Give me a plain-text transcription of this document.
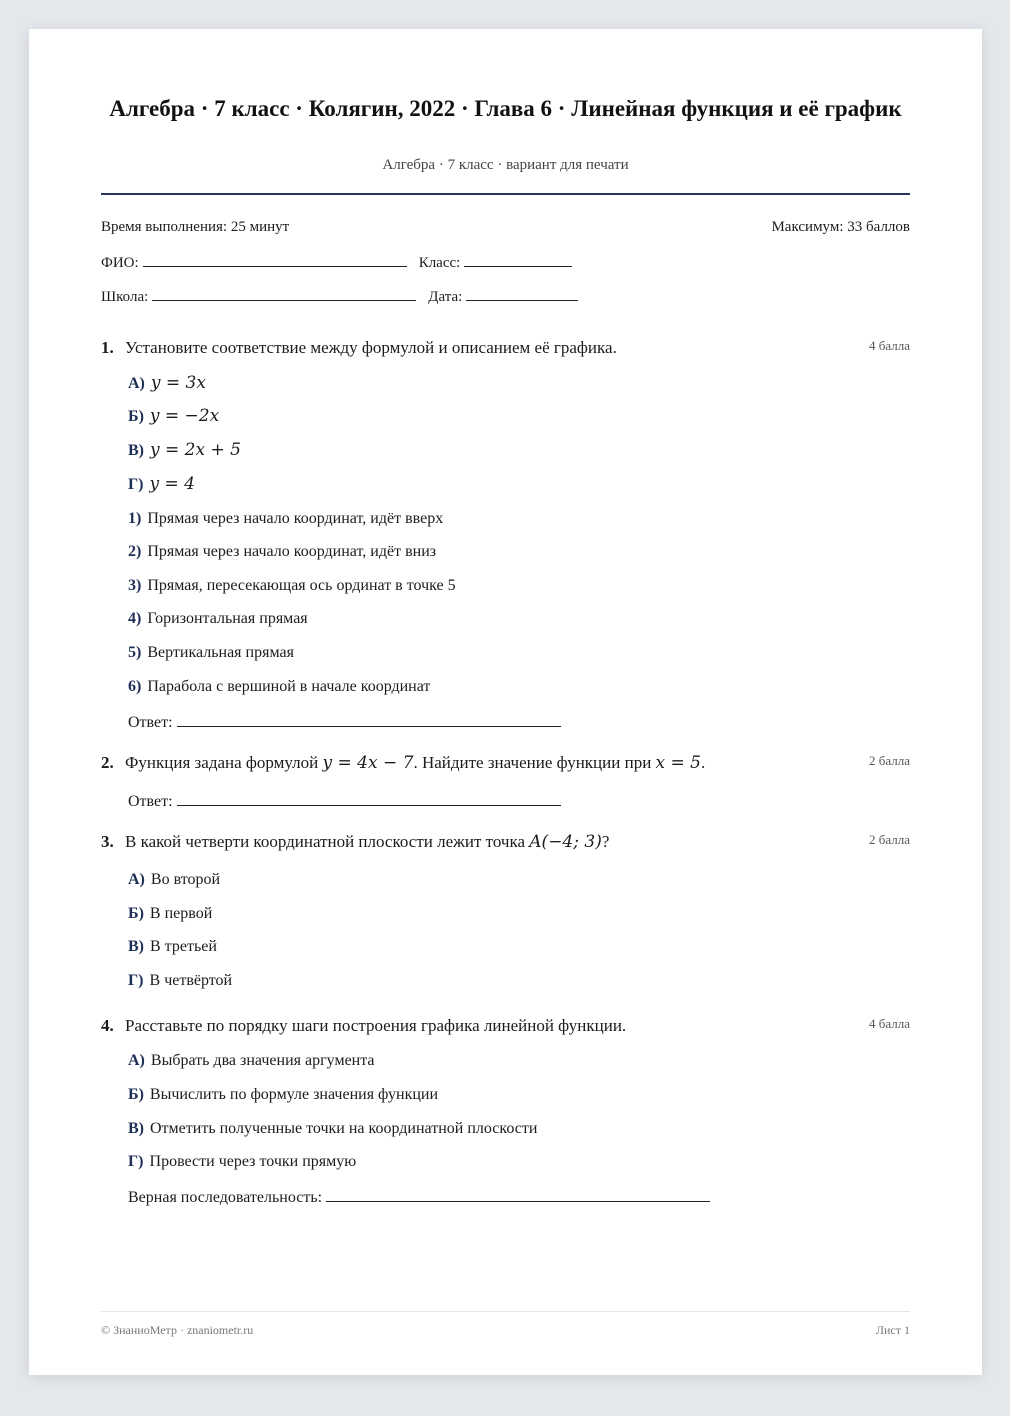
Алгебра · 7 класс · Колягин, 2022 · Глава 6 · Линейная функция и её график
Алгебра · 7 класс · вариант для печати
Время выполнения: 25 минут	Максимум: 33 баллов
ФИО:	Класс:
Школа:	Дата:
1. Установите соответствие между формулой и описанием её графика.	4 балла
А) y = 3x
Б) y = −2x
В) y = 2x + 5
Г) y = 4
1) Прямая через начало координат, идёт вверх
2) Прямая через начало координат, идёт вниз
3) Прямая, пересекающая ось ординат в точке 5
4) Горизонтальная прямая
5) Вертикальная прямая
6) Парабола с вершиной в начале координат
Ответ:
2. Функция задана формулой y = 4x − 7. Найдите значение функции при x = 5.	2 балла
Ответ:
3. В какой четверти координатной плоскости лежит точка A(−4; 3)?	2 балла
А) Во второй
Б) В первой
В) В третьей
Г) В четвёртой
4. Расставьте по порядку шаги построения графика линейной функции.	4 балла
А) Выбрать два значения аргумента
Б) Вычислить по формуле значения функции
В) Отметить полученные точки на координатной плоскости
Г) Провести через точки прямую
Верная последовательность:
© ЗнаниоМетр · znaniometr.ru	Лист 1
